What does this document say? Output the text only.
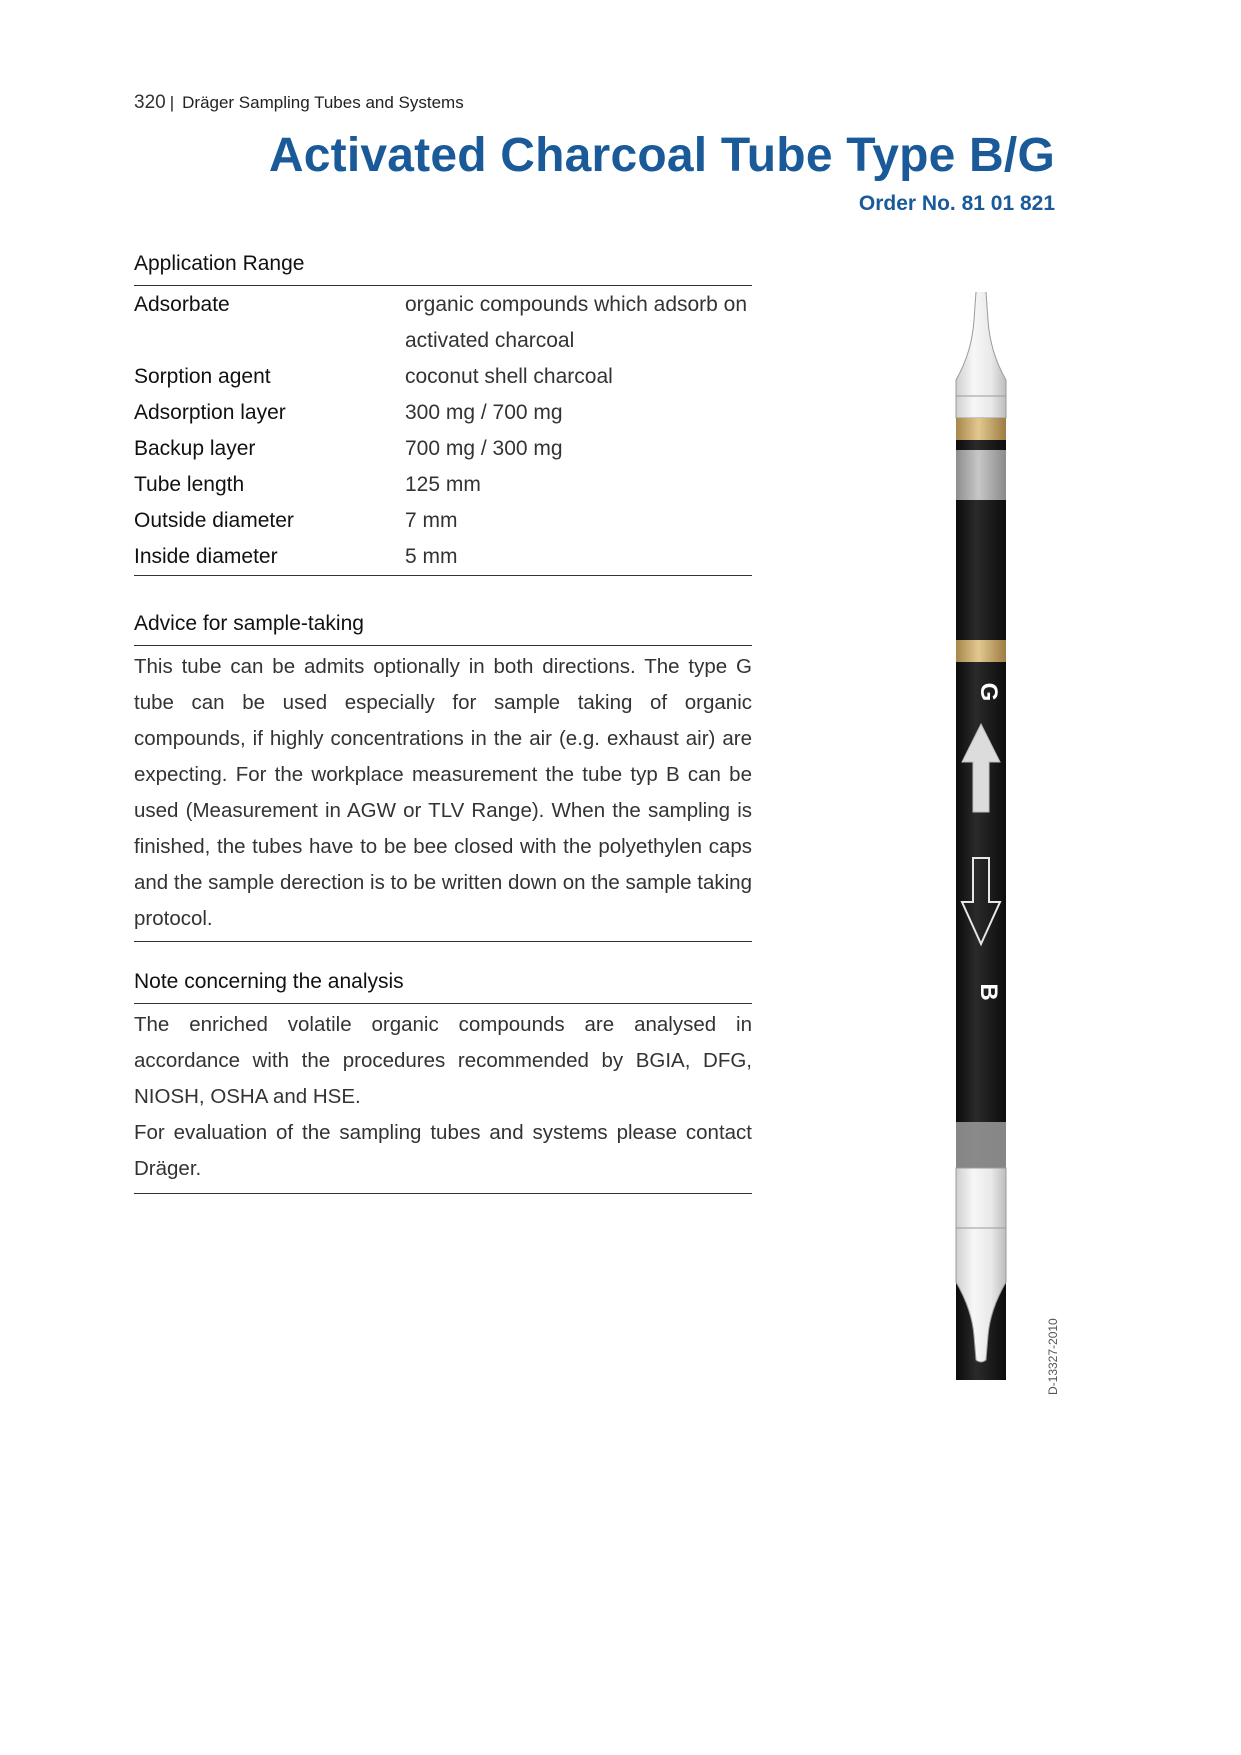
320 | Dräger Sampling Tubes and Systems
Activated Charcoal Tube Type B/G
Order No. 81 01 821
Application Range
Adsorbate	organic compounds which adsorb on activated charcoal
Sorption agent	coconut shell charcoal
Adsorption layer	300 mg / 700 mg
Backup layer	700 mg / 300 mg
Tube length	125 mm
Outside diameter	7 mm
Inside diameter	5 mm
Advice for sample-taking

This tube can be admits optionally in both directions. The type G tube can be used especially for sample taking of organic compounds, if highly concentrations in the air (e.g. exhaust air) are expecting. For the workplace measurement the tube typ B can be used (Measurement in AGW or TLV Range). When the sampling is finished, the tubes have to be bee closed with the polyethylen caps and the sample derection is to be written down on the sample taking protocol.

Note concerning the analysis

The enriched volatile organic compounds are analysed in accordance with the procedures recommended by BGIA, DFG, NIOSH, OSHA and HSE.

For evaluation of the sampling tubes and systems please contact Dräger.

G
B
D-13327-2010
